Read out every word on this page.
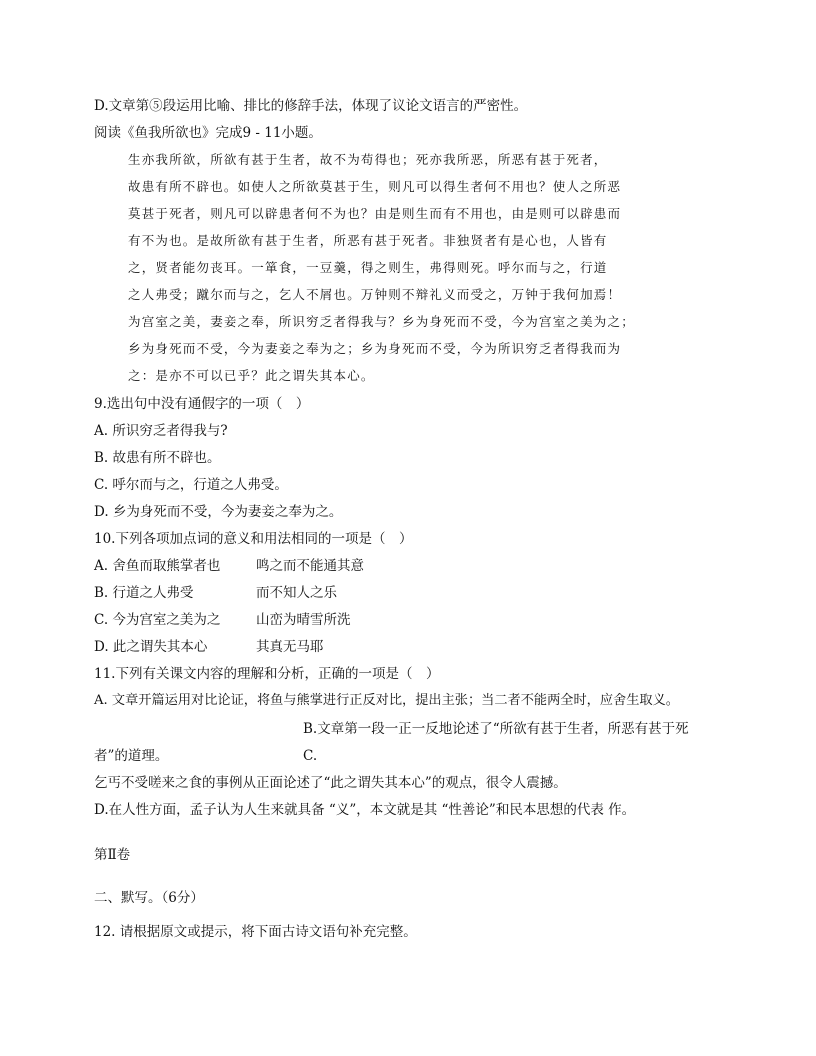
D.文章第⑤段运用比喻、排比的修辞手法，体现了议论文语言的严密性。
阅读《鱼我所欲也》完成9 - 11小题。
生亦我所欲，所欲有甚于生者，故不为苟得也；死亦我所恶，所恶有甚于死者，
故患有所不辟也。如使人之所欲莫甚于生，则凡可以得生者何不用也？使人之所恶
莫甚于死者，则凡可以辟患者何不为也？由是则生而有不用也，由是则可以辟患而
有不为也。是故所欲有甚于生者，所恶有甚于死者。非独贤者有是心也，人皆有
之，贤者能勿丧耳。一箪食，一豆羹，得之则生，弗得则死。呼尔而与之，行道
之人弗受；蹴尔而与之，乞人不屑也。万钟则不辩礼义而受之，万钟于我何加焉！
为宫室之美，妻妾之奉，所识穷乏者得我与？乡为身死而不受，今为宫室之美为之；
乡为身死而不受，今为妻妾之奉为之；乡为身死而不受，今为所识穷乏者得我而为
之：是亦不可以已乎？此之谓失其本心。
9.选出句中没有通假字的一项（　）
A. 所识穷乏者得我与?
B. 故患有所不辟也。
C. 呼尔而与之，行道之人弗受。
D. 乡为身死而不受，今为妻妾之奉为之。
10.下列各项加点词的意义和用法相同的一项是（　）
A. 舍鱼而取熊掌者也	鸣之而不能通其意
B. 行道之人弗受	而不知人之乐
C. 今为宫室之美为之	山峦为晴雪所洗
D. 此之谓失其本心	其真无马耶
11.下列有关课文内容的理解和分析，正确的一项是（　）
A. 文章开篇运用对比论证，将鱼与熊掌进行正反对比，提出主张；当二者不能两全时，应舍生取义。
B.文章第一段一正一反地论述了“所欲有甚于生者，所恶有甚于死
者”的道理。	C.
乞丐不受嗟来之食的事例从正面论述了“此之谓失其本心”的观点，很令人震撼。
D.在人性方面，孟子认为人生来就具备 “义”，本文就是其 “性善论”和民本思想的代表 作。
第Ⅱ卷
二、默写。（6分）
12. 请根据原文或提示，将下面古诗文语句补充完整。
